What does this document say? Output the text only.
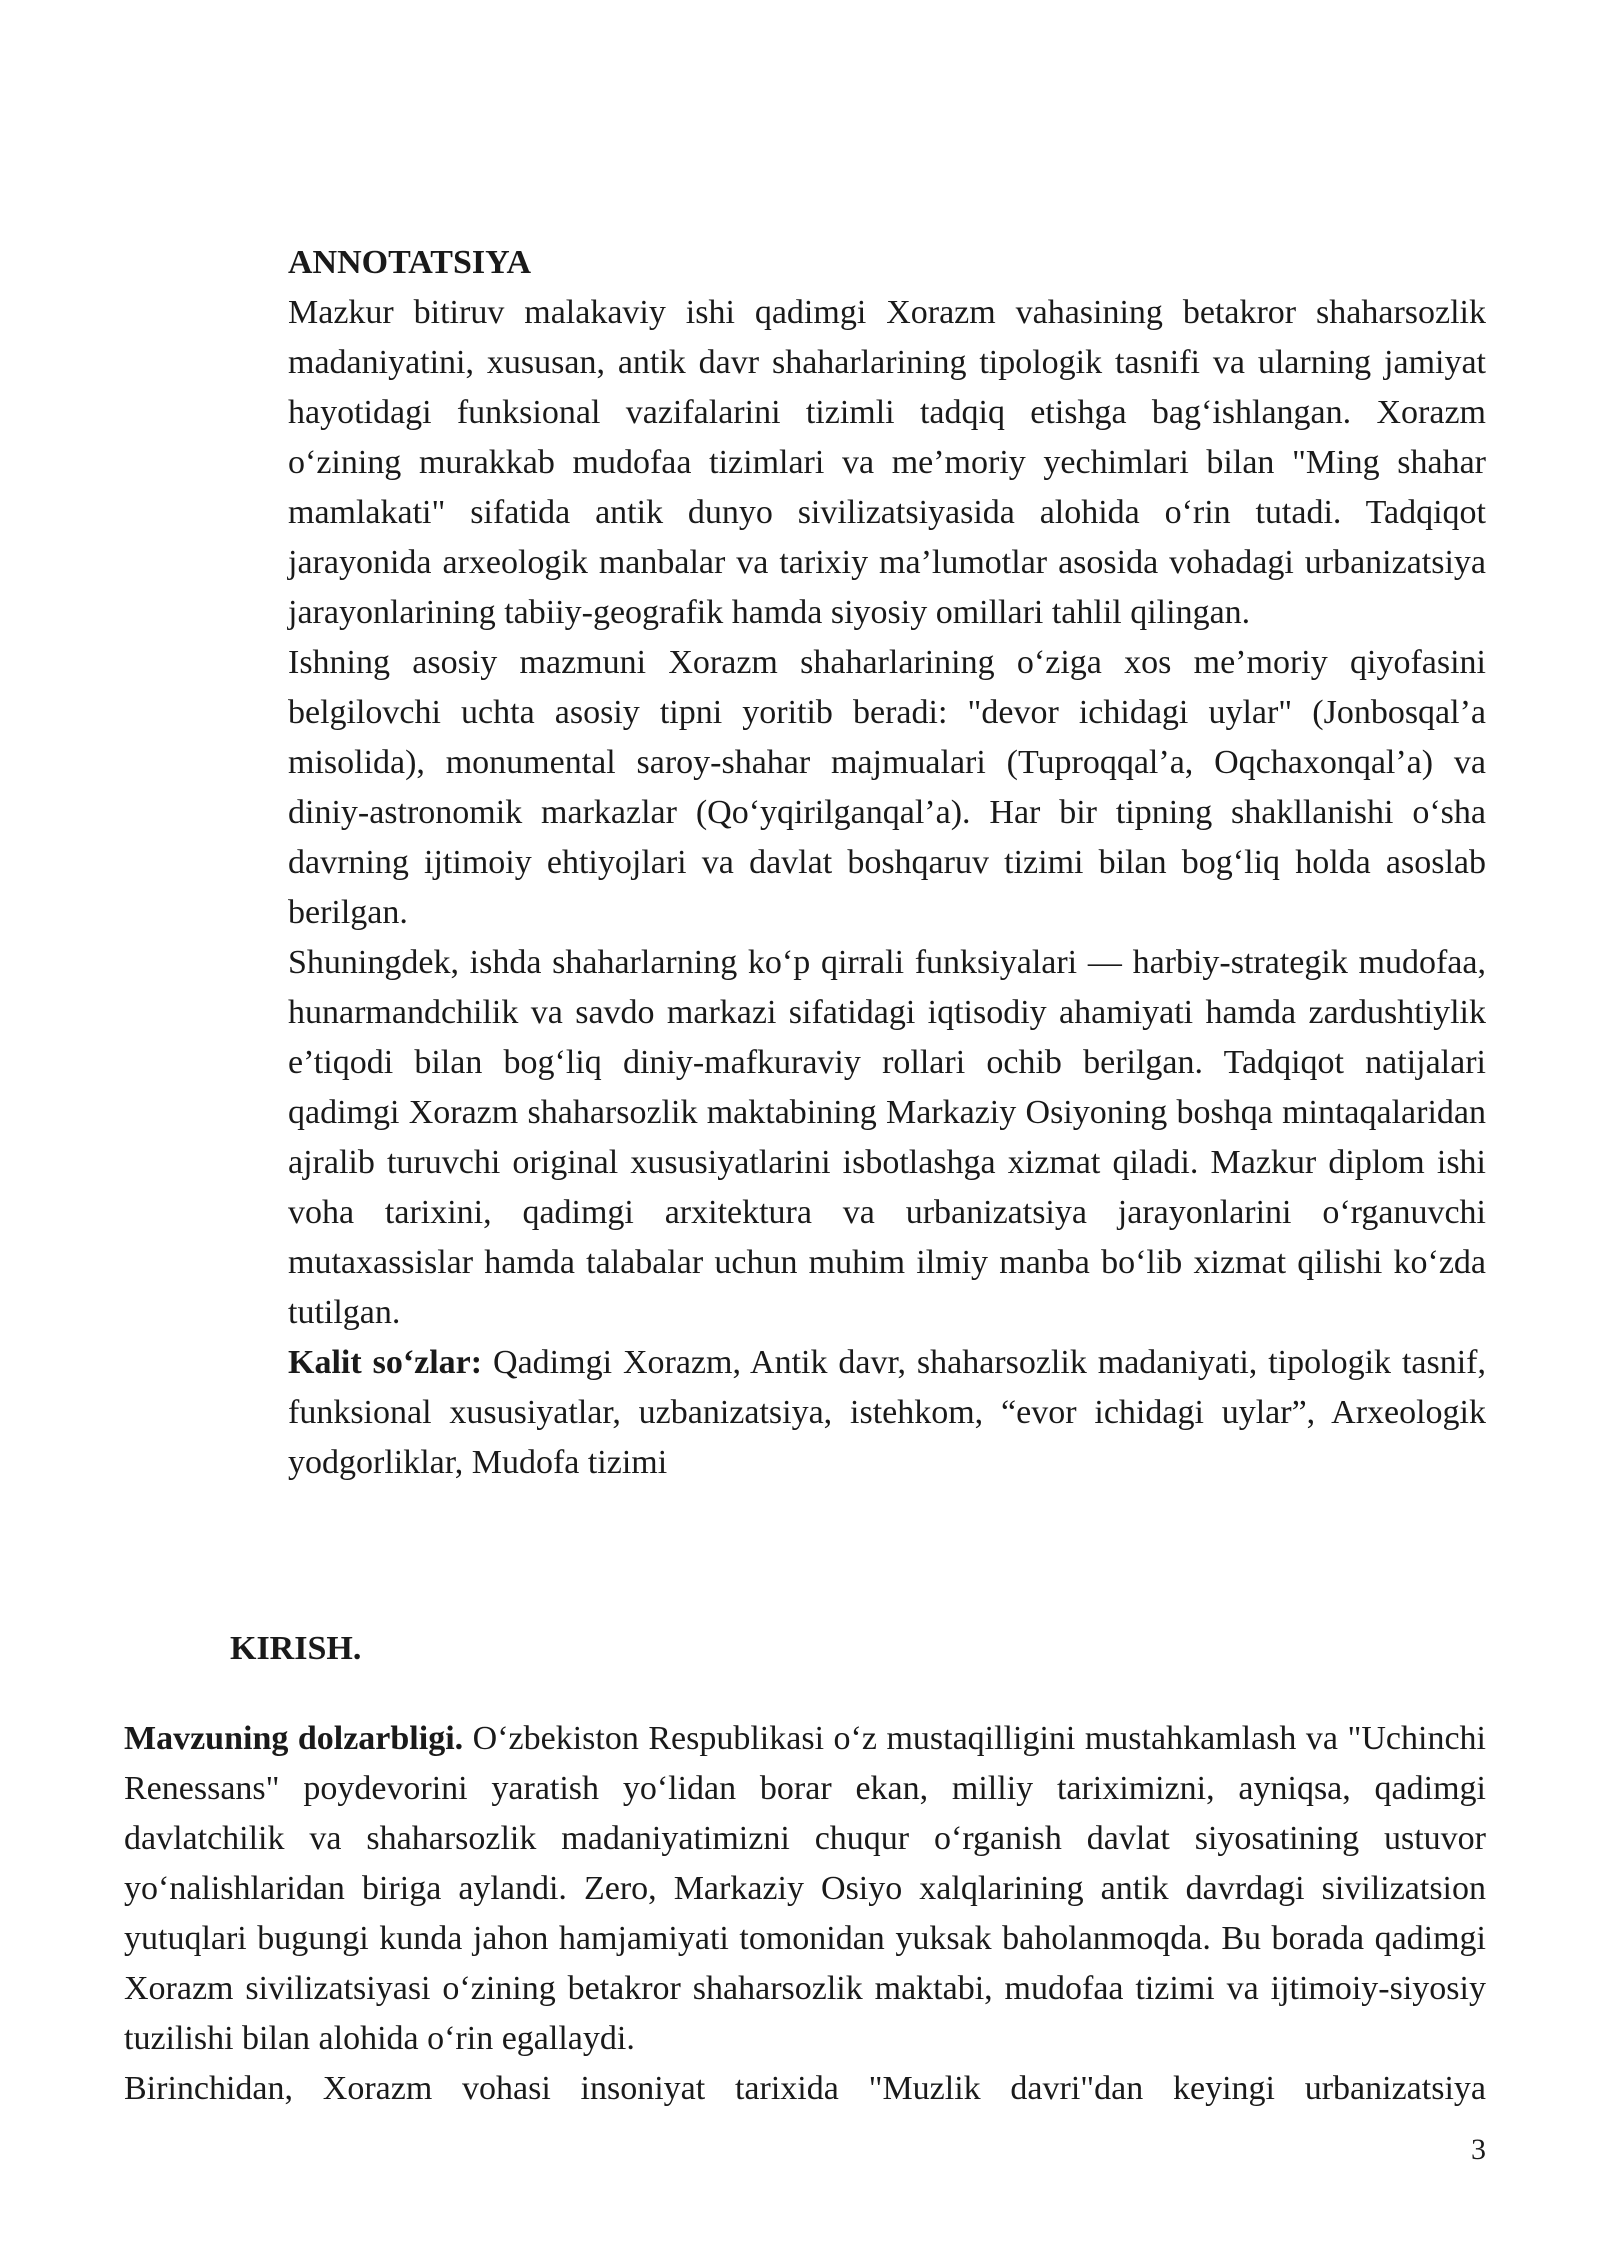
ANNOTATSIYA

Mazkur bitiruv malakaviy ishi qadimgi Xorazm vahasining betakror shaharsozlik madaniyatini, xususan, antik davr shaharlarining tipologik tasnifi va ularning jamiyat hayotidagi funksional vazifalarini tizimli tadqiq etishga bag‘ishlangan. Xorazm o‘zining murakkab mudofaa tizimlari va me’moriy yechimlari bilan "Ming shahar mamlakati" sifatida antik dunyo sivilizatsiyasida alohida o‘rin tutadi. Tadqiqot jarayonida arxeologik manbalar va tarixiy ma’lumotlar asosida vohadagi urbanizatsiya jarayonlarining tabiiy-geografik hamda siyosiy omillari tahlil qilingan.

Ishning asosiy mazmuni Xorazm shaharlarining o‘ziga xos me’moriy qiyofasini belgilovchi uchta asosiy tipni yoritib beradi: "devor ichidagi uylar" (Jonbosqal’a misolida), monumental saroy-shahar majmualari (Tuproqqal’a, Oqchaxonqal’a) va diniy-astronomik markazlar (Qo‘yqirilganqal’a). Har bir tipning shakllanishi o‘sha davrning ijtimoiy ehtiyojlari va davlat boshqaruv tizimi bilan bog‘liq holda asoslab berilgan.

Shuningdek, ishda shaharlarning ko‘p qirrali funksiyalari — harbiy-strategik mudofaa, hunarmandchilik va savdo markazi sifatidagi iqtisodiy ahamiyati hamda zardushtiylik e’tiqodi bilan bog‘liq diniy-mafkuraviy rollari ochib berilgan. Tadqiqot natijalari qadimgi Xorazm shaharsozlik maktabining Markaziy Osiyoning boshqa mintaqalaridan ajralib turuvchi original xususiyatlarini isbotlashga xizmat qiladi. Mazkur diplom ishi voha tarixini, qadimgi arxitektura va urbanizatsiya jarayonlarini o‘rganuvchi mutaxassislar hamda talabalar uchun muhim ilmiy manba bo‘lib xizmat qilishi ko‘zda tutilgan.

Kalit so‘zlar: Qadimgi Xorazm, Antik davr, shaharsozlik madaniyati, tipologik tasnif, funksional xususiyatlar, uzbanizatsiya, istehkom, “evor ichidagi uylar”, Arxeologik yodgorliklar, Mudofa tizimi

KIRISH.

Mavzuning dolzarbligi. O‘zbekiston Respublikasi o‘z mustaqilligini mustahkamlash va "Uchinchi Renessans" poydevorini yaratish yo‘lidan borar ekan, milliy tariximizni, ayniqsa, qadimgi davlatchilik va shaharsozlik madaniyatimizni chuqur o‘rganish davlat siyosatining ustuvor yo‘nalishlaridan biriga aylandi. Zero, Markaziy Osiyo xalqlarining antik davrdagi sivilizatsion yutuqlari bugungi kunda jahon hamjamiyati tomonidan yuksak baholanmoqda. Bu borada qadimgi Xorazm sivilizatsiyasi o‘zining betakror shaharsozlik maktabi, mudofaa tizimi va ijtimoiy-siyosiy tuzilishi bilan alohida o‘rin egallaydi.

Birinchidan, Xorazm vohasi insoniyat tarixida "Muzlik davri"dan keyingi urbanizatsiya

3
